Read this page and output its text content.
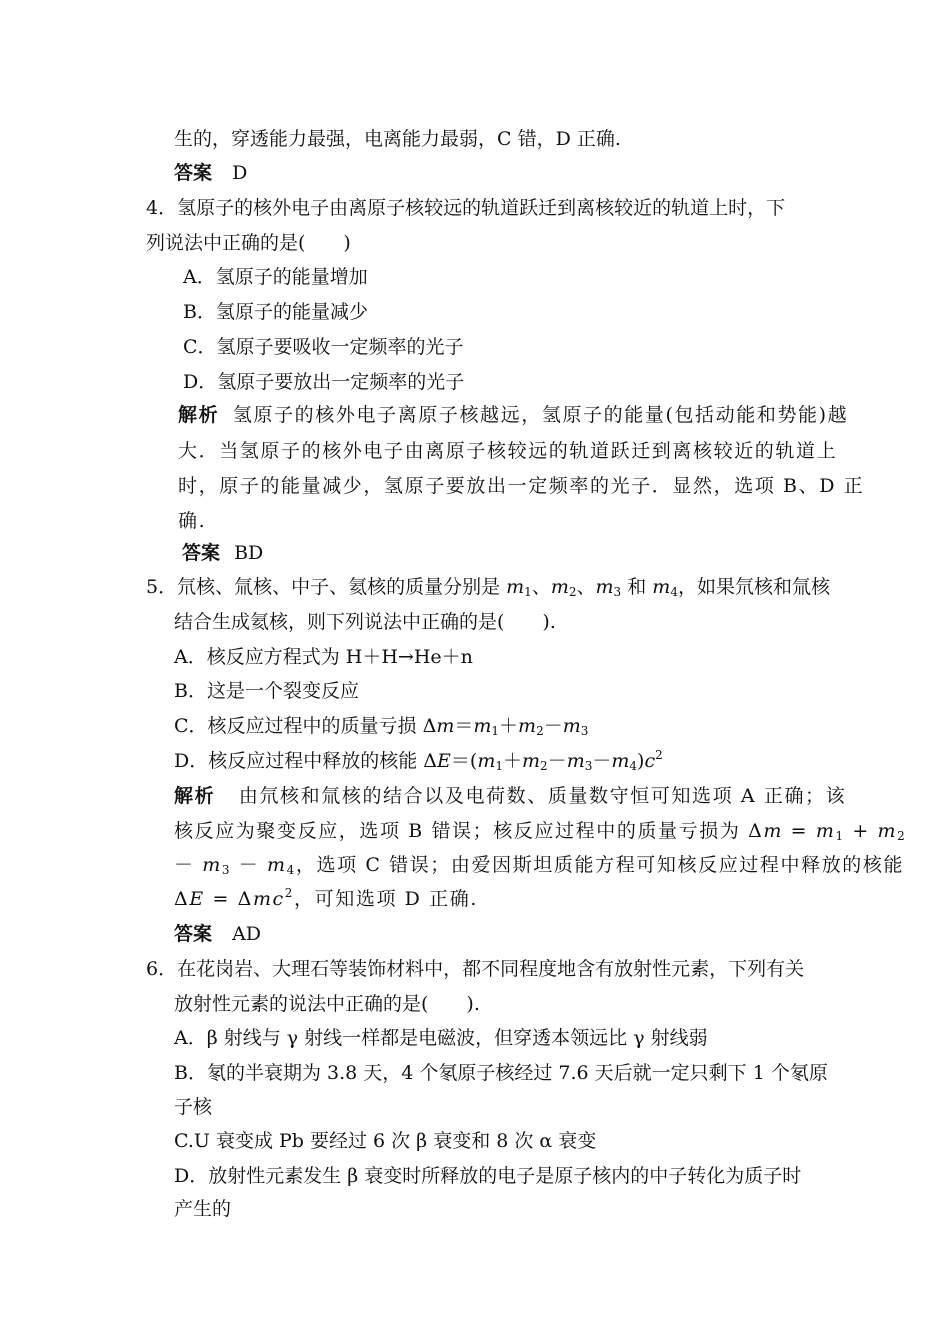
生的，穿透能力最强，电离能力最弱，C 错，D 正确.
答案 D
4．氢原子的核外电子由离原子核较远的轨道跃迁到离核较近的轨道上时，下
列说法中正确的是(　　)
A．氢原子的能量增加
B．氢原子的能量减少
C．氢原子要吸收一定频率的光子
D．氢原子要放出一定频率的光子
解析 氢原子的核外电子离原子核越远，氢原子的能量(包括动能和势能)越
大．当氢原子的核外电子由离原子核较远的轨道跃迁到离核较近的轨道上
时，原子的能量减少，氢原子要放出一定频率的光子．显然，选项 B、D 正
确.
答案 BD
5．氘核、氚核、中子、氦核的质量分别是 $m_1$、$m_2$、$m_3$ 和 $m_4$，如果氘核和氚核
结合生成氦核，则下列说法中正确的是(　　).
A．核反应方程式为 H＋H→He＋n
B．这是一个裂变反应
C．核反应过程中的质量亏损 $\Delta m=m_1+m_2-m_3$
D．核反应过程中释放的核能 $\Delta E=(m_1+m_2-m_3-m_4)c^2$
解析 由氘核和氚核的结合以及电荷数、质量数守恒可知选项 A 正确；该
核反应为聚变反应，选项 B 错误；核反应过程中的质量亏损为 $\Delta m = m_1 + m_2$
－ $m_3 - m_4$，选项 C 错误；由爱因斯坦质能方程可知核反应过程中释放的核能
ΔE = Δmc$^2$，可知选项 D 正确.
答案 AD
6．在花岗岩、大理石等装饰材料中，都不同程度地含有放射性元素，下列有关
放射性元素的说法中正确的是(　　).
A．β 射线与 γ 射线一样都是电磁波，但穿透本领远比 γ 射线弱
B．氡的半衰期为 3.8 天，4 个氡原子核经过 7.6 天后就一定只剩下 1 个氡原
子核
C.U 衰变成 Pb 要经过 6 次 β 衰变和 8 次 α 衰变
D．放射性元素发生 β 衰变时所释放的电子是原子核内的中子转化为质子时
产生的
